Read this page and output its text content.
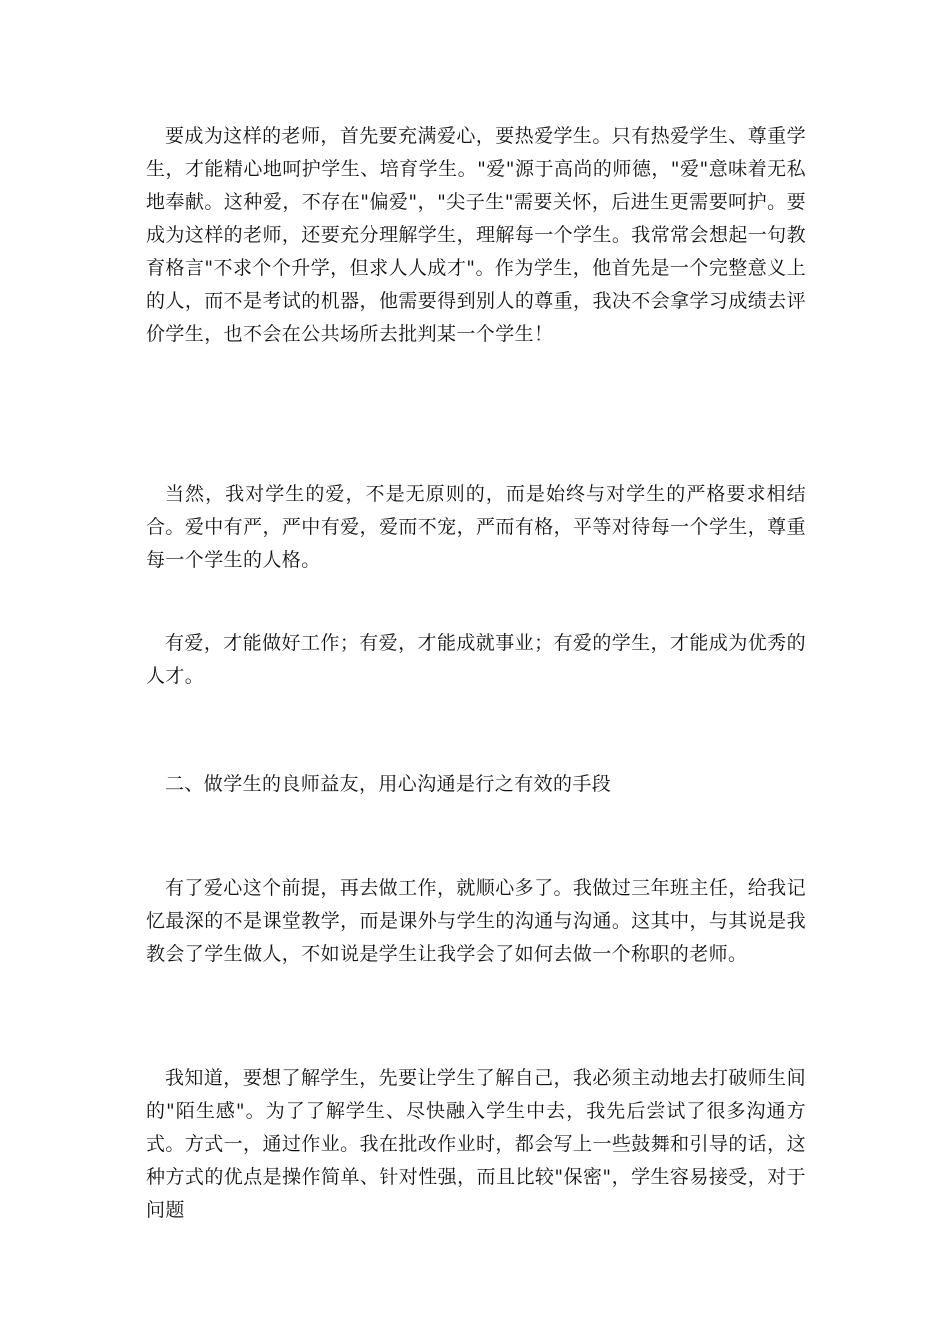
要成为这样的老师，首先要充满爱心，要热爱学生。只有热爱学生、尊重学生，才能精心地呵护学生、培育学生。"爱"源于高尚的师德，"爱"意味着无私地奉献。这种爱，不存在"偏爱"，"尖子生"需要关怀，后进生更需要呵护。要成为这样的老师，还要充分理解学生，理解每一个学生。我常常会想起一句教育格言"不求个个升学，但求人人成才"。作为学生，他首先是一个完整意义上的人，而不是考试的机器，他需要得到别人的尊重，我决不会拿学习成绩去评价学生，也不会在公共场所去批判某一个学生！

当然，我对学生的爱，不是无原则的，而是始终与对学生的严格要求相结合。爱中有严，严中有爱，爱而不宠，严而有格，平等对待每一个学生，尊重每一个学生的人格。

有爱，才能做好工作；有爱，才能成就事业；有爱的学生，才能成为优秀的人才。

二、做学生的良师益友，用心沟通是行之有效的手段

有了爱心这个前提，再去做工作，就顺心多了。我做过三年班主任，给我记忆最深的不是课堂教学，而是课外与学生的沟通与沟通。这其中，与其说是我教会了学生做人，不如说是学生让我学会了如何去做一个称职的老师。

我知道，要想了解学生，先要让学生了解自己，我必须主动地去打破师生间的"陌生感"。为了了解学生、尽快融入学生中去，我先后尝试了很多沟通方式。方式一，通过作业。我在批改作业时，都会写上一些鼓舞和引导的话，这种方式的优点是操作简单、针对性强，而且比较"保密"，学生容易接受，对于问题
